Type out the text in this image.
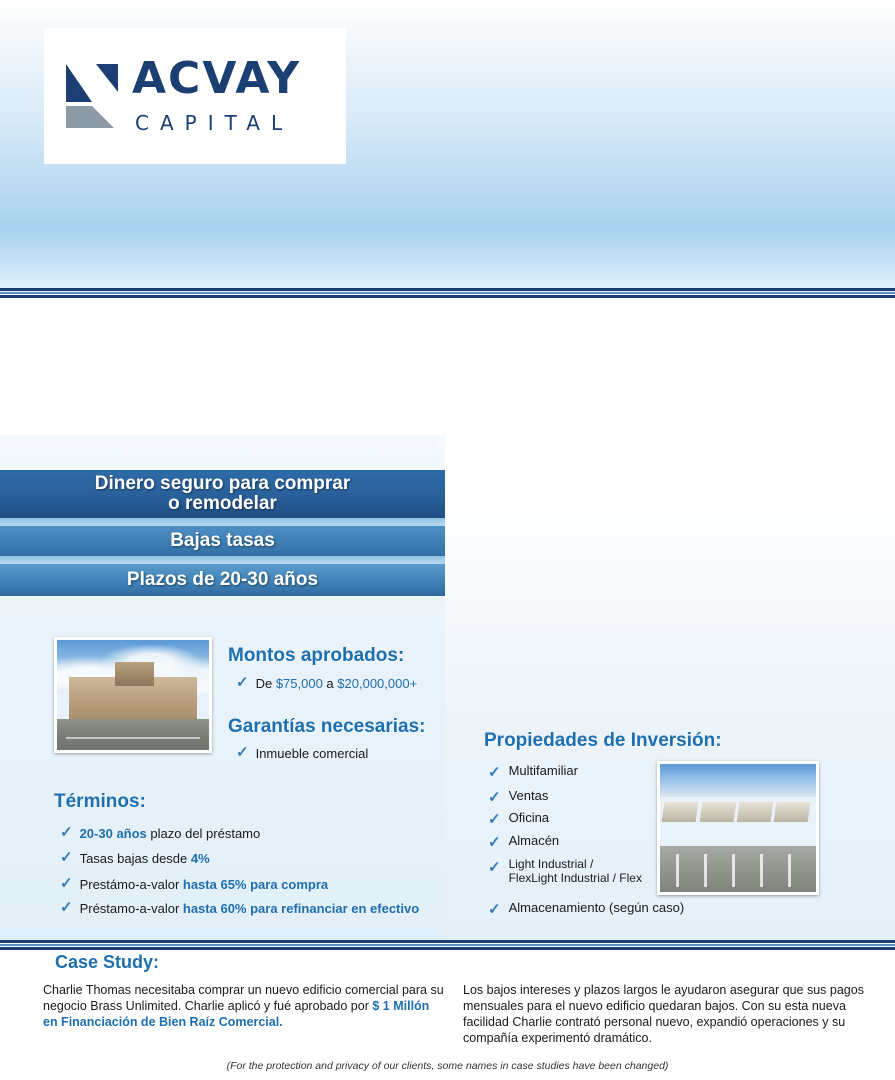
ACVAY
CAPITAL
Dinero seguro para comprar
o remodelar
Bajas tasas
Plazos de 20-30 años
Montos aprobados:
✓ De $75,000 a $20,000,000+
Garantías necesarias:
✓ Inmueble comercial
Términos:
✓ 20-30 años plazo del préstamo
✓ Tasas bajas desde 4%
✓ Prestámo-a-valor hasta 65% para compra
✓ Préstamo-a-valor hasta 60% para refinanciar en efectivo
Propiedades de Inversión:
✓ Multifamiliar
✓ Ventas
✓ Oficina
✓ Almacén
✓ Light Industrial /
FlexLight Industrial / Flex
✓ Almacenamiento (según caso)
Case Study:
Charlie Thomas necesitaba comprar un nuevo edificio comercial para su negocio Brass Unlimited. Charlie aplicó y fué aprobado por $ 1 Millón en Financiación de Bien Raíz Comercial.
Los bajos intereses y plazos largos le ayudaron asegurar que sus pagos mensuales para el nuevo edificio quedaran bajos. Con su esta nueva facilidad Charlie contrató personal nuevo, expandió operaciones y su compañía experimentó dramático.
(For the protection and privacy of our clients, some names in case studies have been changed)
